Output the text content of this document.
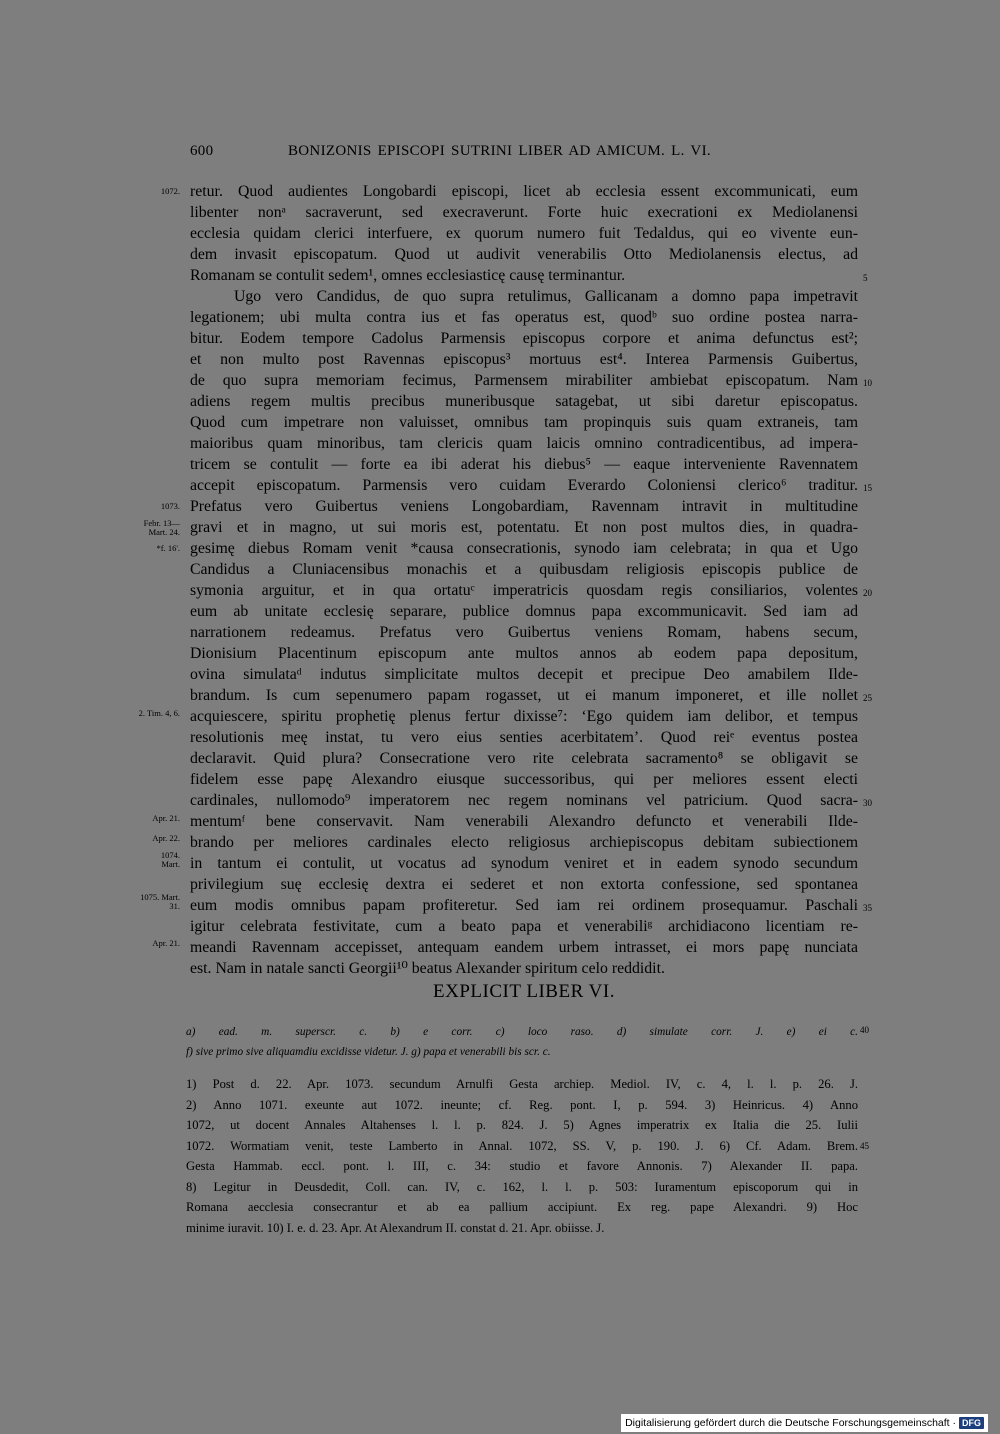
600	BONIZONIS EPISCOPI SUTRINI LIBER AD AMICUM. L. VI.
retur. Quod audientes Longobardi episcopi, licet ab ecclesia essent excommunicati, eum
libenter nonᵃ sacraverunt, sed execraverunt. Forte huic execrationi ex Mediolanensi
ecclesia quidam clerici interfuere, ex quorum numero fuit Tedaldus, qui eo vivente eun-
dem invasit episcopatum. Quod ut audivit venerabilis Otto Mediolanensis electus, ad
Romanam se contulit sedem¹, omnes ecclesiasticę causę terminantur.
Ugo vero Candidus, de quo supra retulimus, Gallicanam a domno papa impetravit
legationem; ubi multa contra ius et fas operatus est, quodᵇ suo ordine postea narra-
bitur. Eodem tempore Cadolus Parmensis episcopus corpore et anima defunctus est²;
et non multo post Ravennas episcopus³ mortuus est⁴. Interea Parmensis Guibertus,
de quo supra memoriam fecimus, Parmensem mirabiliter ambiebat episcopatum. Nam
adiens regem multis precibus muneribusque satagebat, ut sibi daretur episcopatus.
Quod cum impetrare non valuisset, omnibus tam propinquis suis quam extraneis, tam
maioribus quam minoribus, tam clericis quam laicis omnino contradicentibus, ad impera-
tricem se contulit — forte ea ibi aderat his diebus⁵ — eaque interveniente Ravennatem
accepit episcopatum. Parmensis vero cuidam Everardo Coloniensi clerico⁶ traditur.
Prefatus vero Guibertus veniens Longobardiam, Ravennam intravit in multitudine
gravi et in magno, ut sui moris est, potentatu. Et non post multos dies, in quadra-
gesimę diebus Romam venit *causa consecrationis, synodo iam celebrata; in qua et Ugo
Candidus a Cluniacensibus monachis et a quibusdam religiosis episcopis publice de
symonia arguitur, et in qua ortatuᶜ imperatricis quosdam regis consiliarios, volentes
eum ab unitate ecclesię separare, publice domnus papa excommunicavit. Sed iam ad
narrationem redeamus. Prefatus vero Guibertus veniens Romam, habens secum,
Dionisium Placentinum episcopum ante multos annos ab eodem papa depositum,
ovina simulataᵈ indutus simplicitate multos decepit et precipue Deo amabilem Ilde-
brandum. Is cum sepenumero papam rogasset, ut ei manum imponeret, et ille nollet
acquiescere, spiritu prophetię plenus fertur dixisse⁷: ‘Ego quidem iam delibor, et tempus
resolutionis meę instat, tu vero eius senties acerbitatem’. Quod reiᵉ eventus postea
declaravit. Quid plura? Consecratione vero rite celebrata sacramento⁸ se obligavit se
fidelem esse papę Alexandro eiusque successoribus, qui per meliores essent electi
cardinales, nullomodo⁹ imperatorem nec regem nominans vel patricium. Quod sacra-
mentumᶠ bene conservavit. Nam venerabili Alexandro defuncto et venerabili Ilde-
brando per meliores cardinales electo religiosus archiepiscopus debitam subiectionem
in tantum ei contulit, ut vocatus ad synodum veniret et in eadem synodo secundum
privilegium suę ecclesię dextra ei sederet et non extorta confessione, sed spontanea
eum modis omnibus papam profiteretur. Sed iam rei ordinem prosequamur. Paschali
igitur celebrata festivitate, cum a beato papa et venerabiliᵍ archidiacono licentiam re-
meandi Ravennam accepisset, antequam eandem urbem intrasset, ei mors papę nunciata
est. Nam in natale sancti Georgii¹⁰ beatus Alexander spiritum celo reddidit.
5
10
15
20
25
30
35
1072.
1073.
Febr. 13— Mart. 24.
*f. 16'.
2. Tim. 4, 6.
Apr. 21.
Apr. 22.
1074. Mart.
1075. Mart. 31.
Apr. 21.
EXPLICIT LIBER VI.
a) ead. m. superscr. c. b) e corr. c) loco raso. d) simulate corr. J. e) ei c.
f) sive primo sive aliquamdiu excidisse videtur. J. g) papa et venerabili bis scr. c.
40
1) Post d. 22. Apr. 1073. secundum Arnulfi Gesta archiep. Mediol. IV, c. 4, l. l. p. 26. J.
2) Anno 1071. exeunte aut 1072. ineunte; cf. Reg. pont. I, p. 594. 3) Heinricus. 4) Anno
1072, ut docent Annales Altahenses l. l. p. 824. J. 5) Agnes imperatrix ex Italia die 25. Iulii
1072. Wormatiam venit, teste Lamberto in Annal. 1072, SS. V, p. 190. J. 6) Cf. Adam. Brem.
Gesta Hammab. eccl. pont. l. III, c. 34: studio et favore Annonis. 7) Alexander II. papa.
8) Legitur in Deusdedit, Coll. can. IV, c. 162, l. l. p. 503: Iuramentum episcoporum qui in
Romana aecclesia consecrantur et ab ea pallium accipiunt. Ex reg. pape Alexandri. 9) Hoc
minime iuravit. 10) I. e. d. 23. Apr. At Alexandrum II. constat d. 21. Apr. obiisse. J.
45
Digitalisierung gefördert durch die Deutsche Forschungsgemeinschaft · DFG
